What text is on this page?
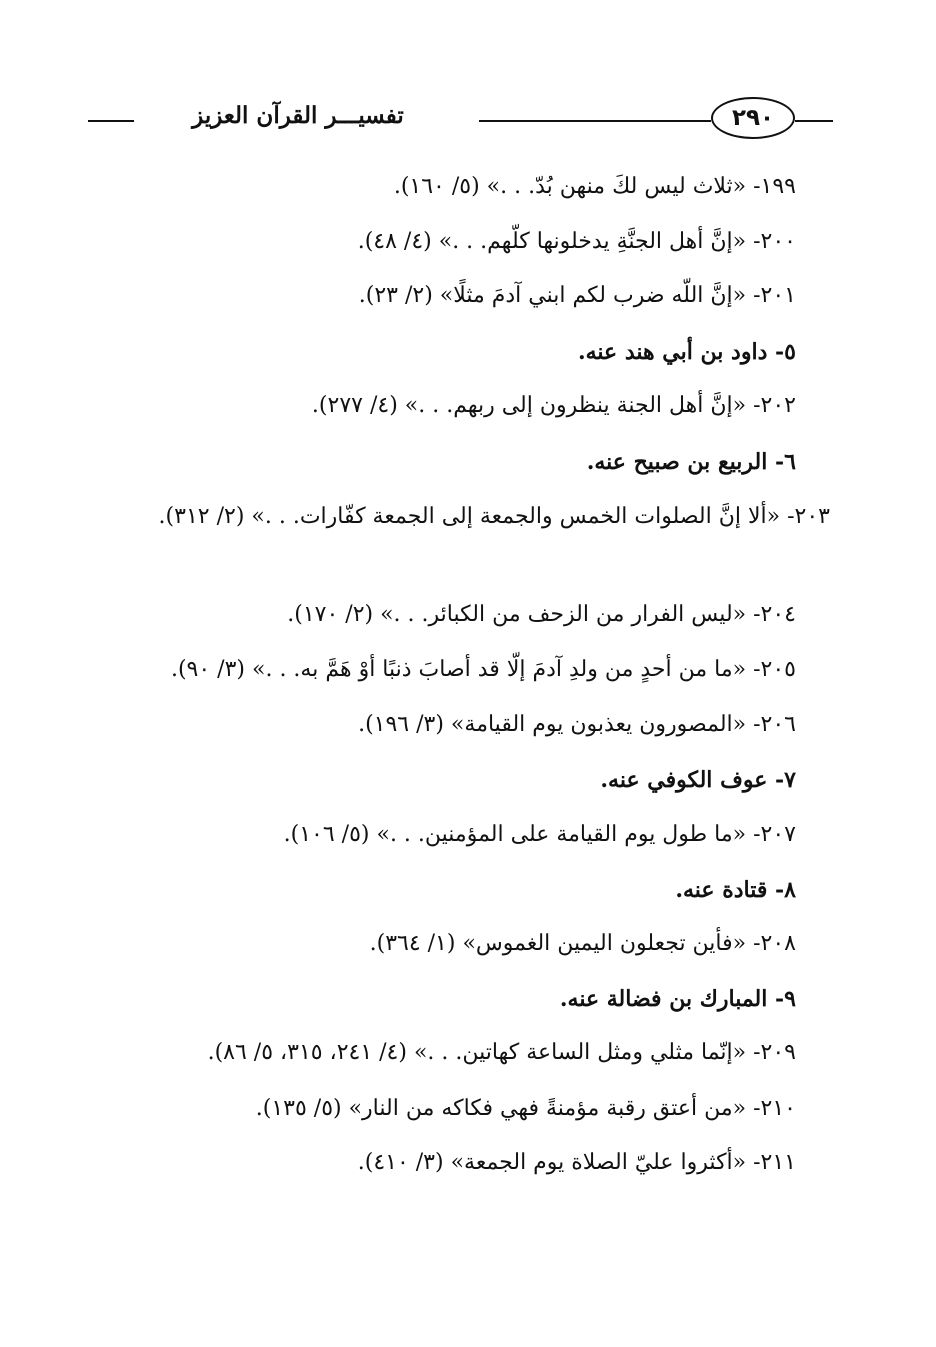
٢٩٠
تفسيـــر القرآن العزيز
١٩٩- «ثلاث ليس لكَ منهن بُدّ. . .» (٥/ ١٦٠).
٢٠٠- «إنَّ أهل الجنَّةِ يدخلونها كلّهم. . .» (٤/ ٤٨).
٢٠١- «إنَّ اللّه ضرب لكم ابني آدمَ مثلًا» (٢/ ٢٣).
٥- داود بن أبي هند عنه.
٢٠٢- «إنَّ أهل الجنة ينظرون إلى ربهم. . .» (٤/ ٢٧٧).
٦- الربيع بن صبيح عنه.
٢٠٣- «ألا إنَّ الصلوات الخمس والجمعة إلى الجمعة كفّارات. . .» (٢/ ٣١٢).
٢٠٤- «ليس الفرار من الزحف من الكبائر. . .» (٢/ ١٧٠).
٢٠٥- «ما من أحدٍ من ولدِ آدمَ إلّا قد أصابَ ذنبًا أوْ هَمَّ به. . .» (٣/ ٩٠).
٢٠٦- «المصورون يعذبون يوم القيامة» (٣/ ١٩٦).
٧- عوف الكوفي عنه.
٢٠٧- «ما طول يوم القيامة على المؤمنين. . .» (٥/ ١٠٦).
٨- قتادة عنه.
٢٠٨- «فأين تجعلون اليمين الغموس» (١/ ٣٦٤).
٩- المبارك بن فضالة عنه.
٢٠٩- «إنّما مثلي ومثل الساعة كهاتين. . .» (٤/ ٢٤١، ٣١٥، ٥/ ٨٦).
٢١٠- «من أعتق رقبة مؤمنةً فهي فكاكه من النار» (٥/ ١٣٥).
٢١١- «أكثروا عليّ الصلاة يوم الجمعة» (٣/ ٤١٠).
